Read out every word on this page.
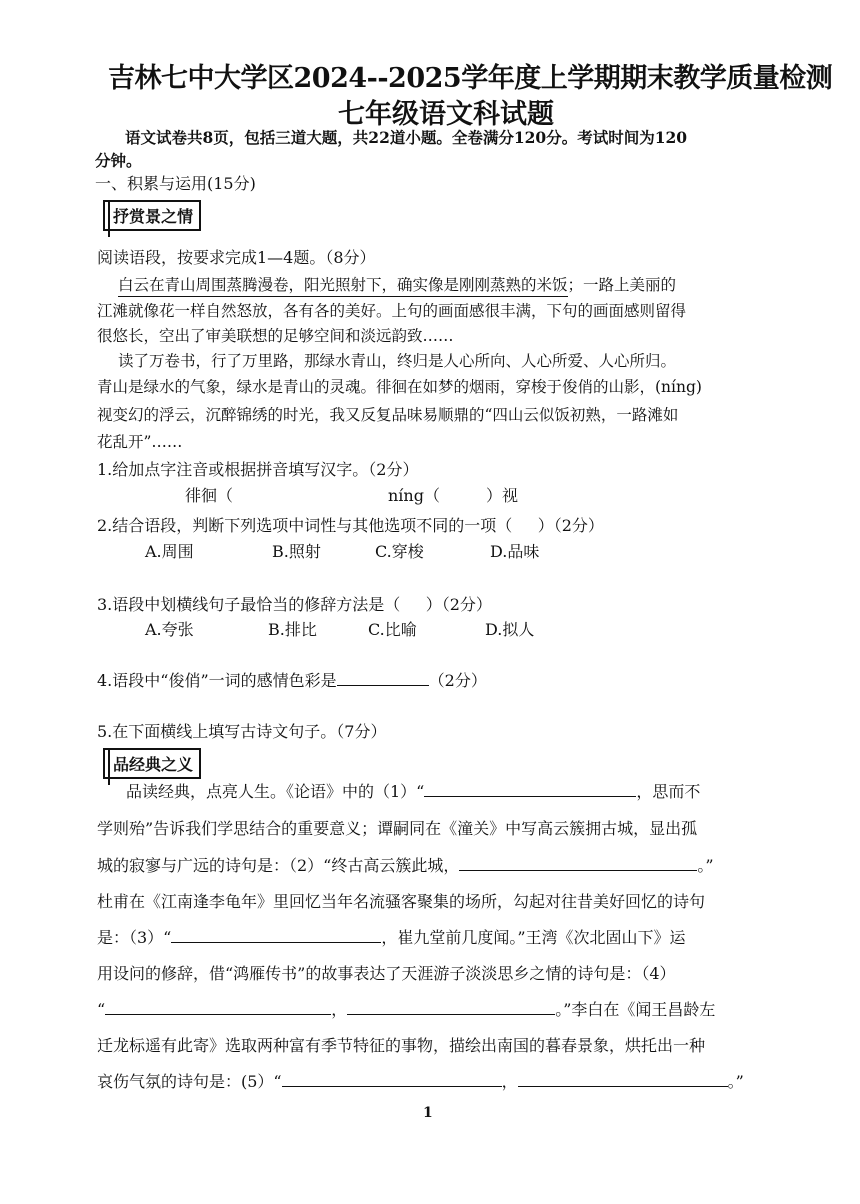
吉林七中大学区2024--2025学年度上学期期末教学质量检测
七年级语文科试题
语文试卷共8页，包括三道大题，共22道小题。全卷满分120分。考试时间为120
分钟。
一、积累与运用(15分)
抒赏景之情
阅读语段，按要求完成1—4题。（8分）
白云在青山周围蒸腾漫卷，阳光照射下，确实像是刚刚蒸熟的米饭；一路上美丽的
江滩就像花一样自然怒放，各有各的美好。上句的画面感很丰满，下句的画面感则留得
很悠长，空出了审美联想的足够空间和淡远韵致……
读了万卷书，行了万里路，那绿水青山，终归是人心所向、人心所爱、人心所归。
青山是绿水的气象，绿水是青山的灵魂。徘徊在如梦的烟雨，穿梭于俊俏的山影，(níng)
视变幻的浮云，沉醉锦绣的时光，我又反复品味易顺鼎的“四山云似饭初熟，一路滩如
花乱开”……
1.给加点字注音或根据拼音填写汉字。（2分）
徘徊（	níng（	）视
2.结合语段，判断下列选项中词性与其他选项不同的一项（     ）（2分）
A.周围	B.照射	C.穿梭	D.品味
3.语段中划横线句子最恰当的修辞方法是（     ）（2分）
A.夸张	B.排比	C.比喻	D.拟人
4.语段中“俊俏”一词的感情色彩是	（2分）
5.在下面横线上填写古诗文句子。（7分）
品经典之义
品读经典，点亮人生。《论语》中的（1）“	，思而不
学则殆”告诉我们学思结合的重要意义；谭嗣同在《潼关》中写高云簇拥古城，显出孤
城的寂寥与广远的诗句是：（2）“终古高云簇此城，	。”
杜甫在《江南逢李龟年》里回忆当年名流骚客聚集的场所，勾起对往昔美好回忆的诗句
是：（3）“	，崔九堂前几度闻。”王湾《次北固山下》运
用设问的修辞，借“鸿雁传书”的故事表达了天涯游子淡淡思乡之情的诗句是：（4）
“	，	。”李白在《闻王昌龄左
迁龙标遥有此寄》选取两种富有季节特征的事物，描绘出南国的暮春景象，烘托出一种
哀伤气氛的诗句是：(5）“	，	。”
1
